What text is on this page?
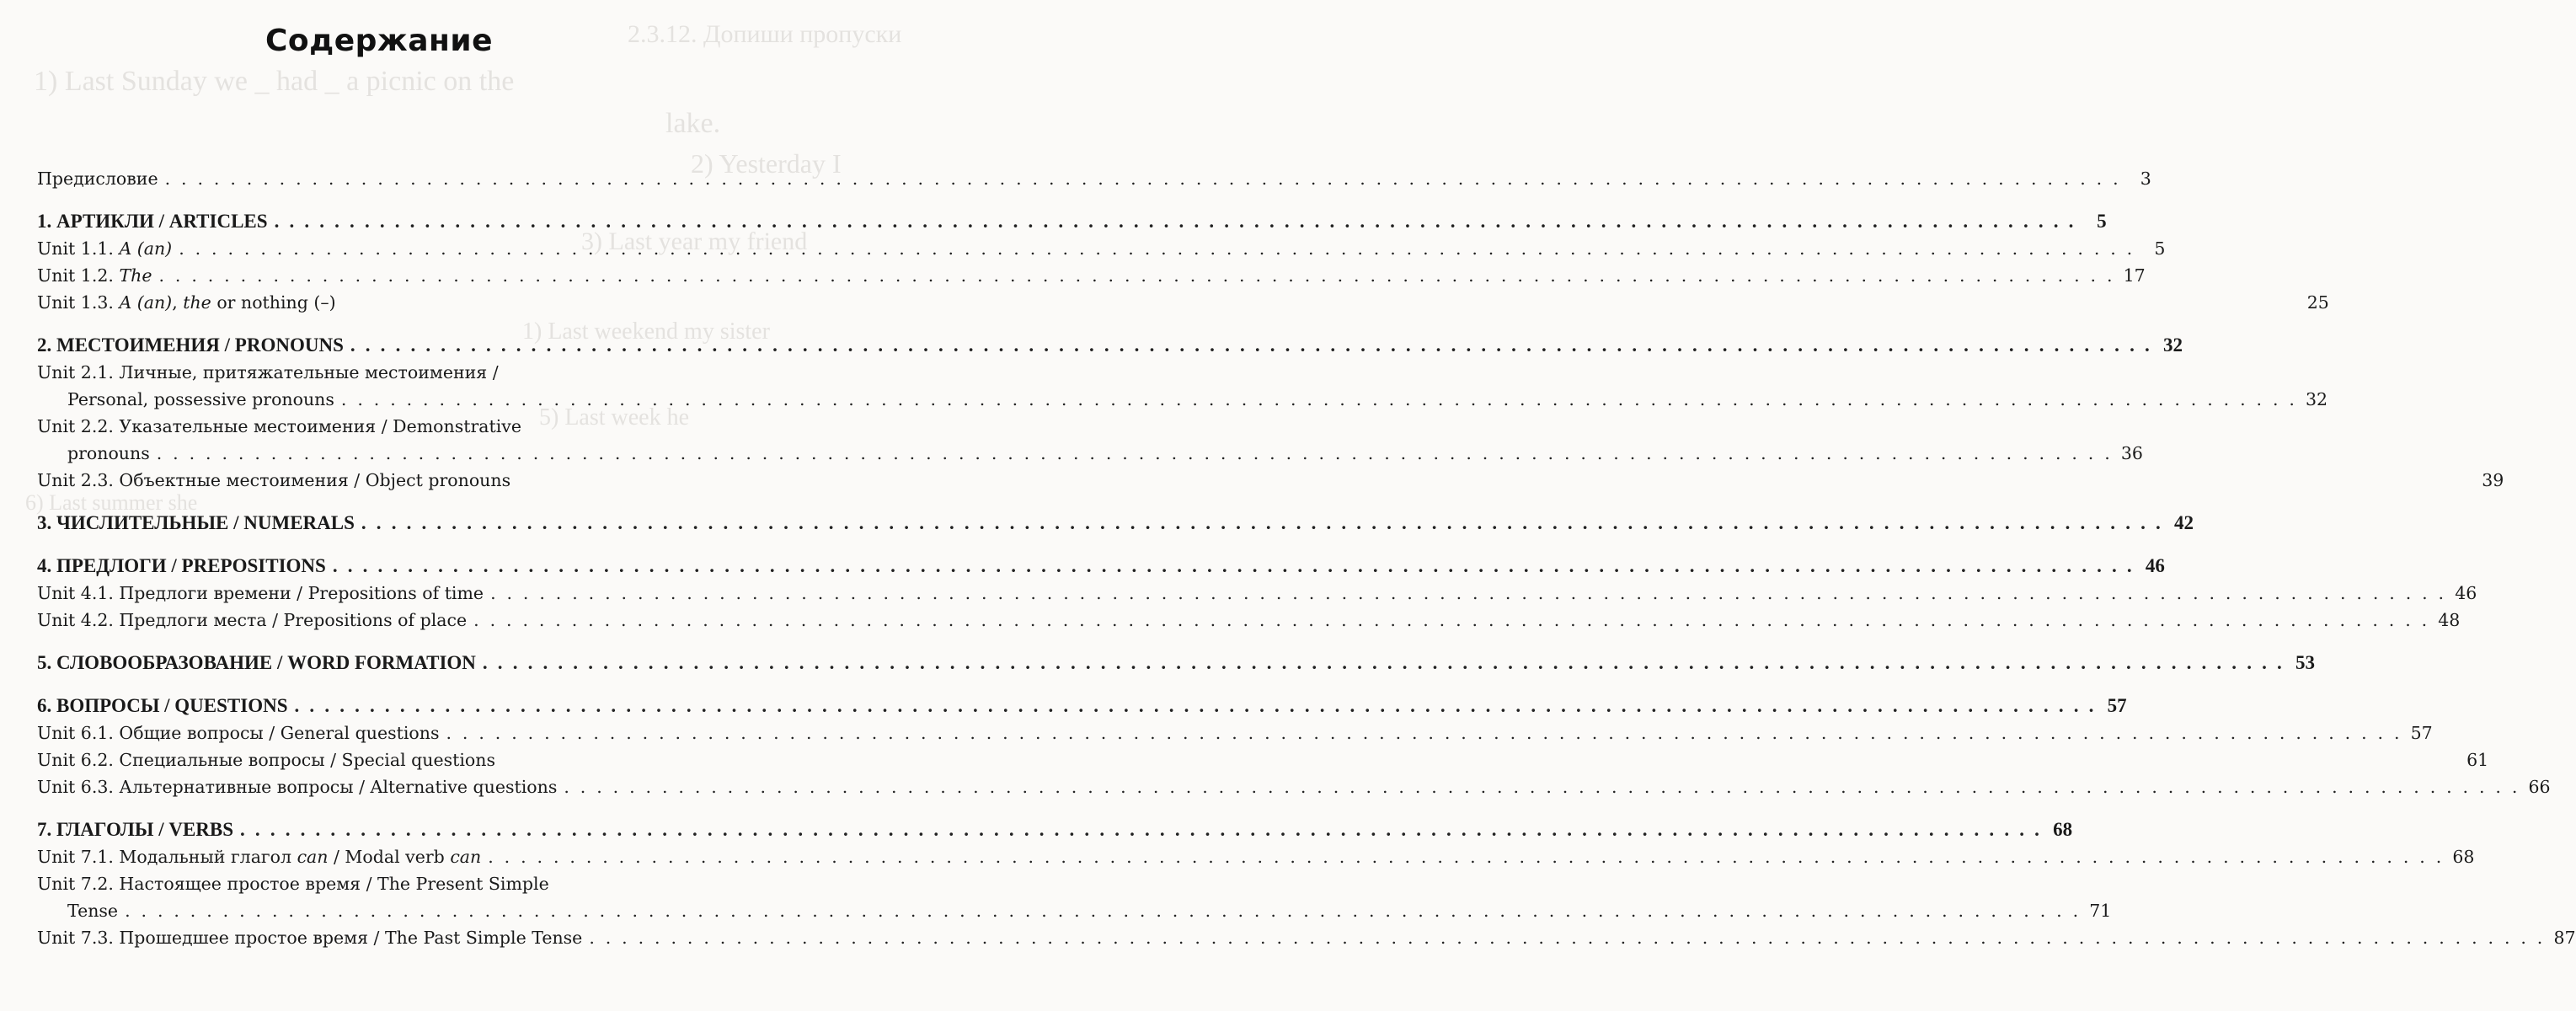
2.3.12. Допиши пропуски
1) Last Sunday we _ had _ a picnic on the
lake.
2) Yesterday I
3) Last year my friend
1) Last weekend my sister
5) Last week he
6) Last summer she
Содержание
Предисловие . . .	3
1. АРТИКЛИ / ARTICLES . . .	5
Unit 1.1. A (an) . . .	5
Unit 1.2. The . . .	17
Unit 1.3. A (an), the or nothing (–)	25
2. МЕСТОИМЕНИЯ / PRONOUNS . . .	32
Unit 2.1. Личные, притяжательные местоимения /
Personal, possessive pronouns . . .	32
Unit 2.2. Указательные местоимения / Demonstrative
pronouns . . .	36
Unit 2.3. Объектные местоимения / Object pronouns	39
3. ЧИСЛИТЕЛЬНЫЕ / NUMERALS . . .	42
4. ПРЕДЛОГИ / PREPOSITIONS . . .	46
Unit 4.1. Предлоги времени / Prepositions of time . . .	46
Unit 4.2. Предлоги места / Prepositions of place . . .	48
5. СЛОВООБРАЗОВАНИЕ / WORD FORMATION . . .	53
6. ВОПРОСЫ / QUESTIONS . . .	57
Unit 6.1. Общие вопросы / General questions . . .	57
Unit 6.2. Специальные вопросы / Special questions	61
Unit 6.3. Альтернативные вопросы / Alternative questions . . .	66
7. ГЛАГОЛЫ / VERBS . . .	68
Unit 7.1. Модальный глагол can / Modal verb can . . .	68
Unit 7.2. Настоящее простое время / The Present Simple
Tense . . .	71
Unit 7.3. Прошедшее простое время / The Past Simple Tense . . .	87
